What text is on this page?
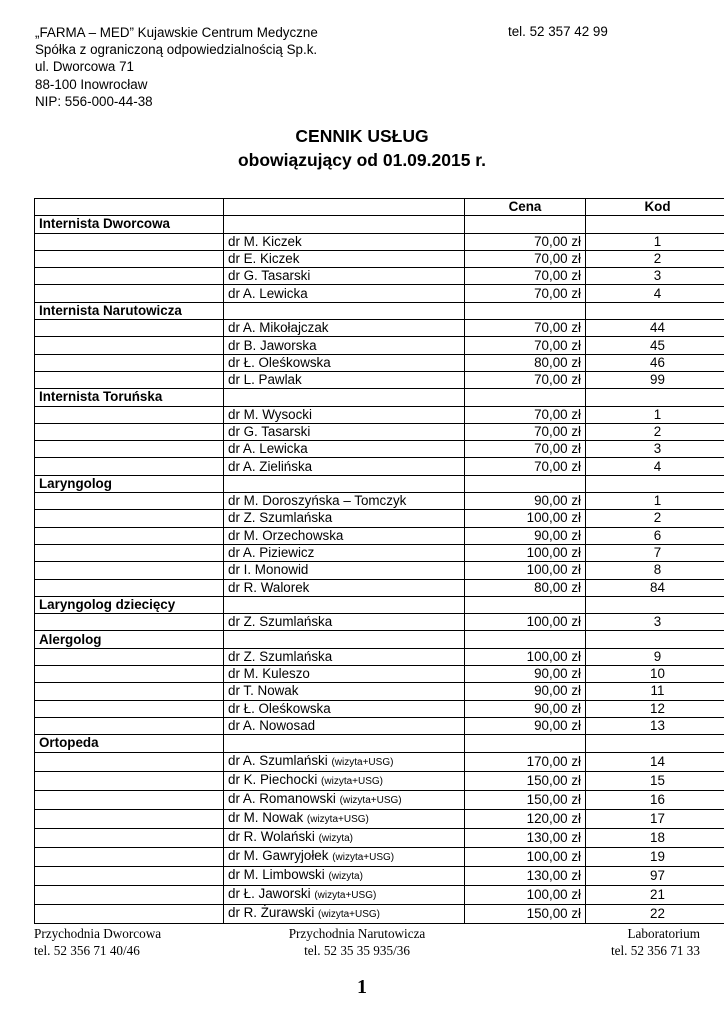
„FARMA – MED” Kujawskie Centrum Medyczne
Spółka z ograniczoną odpowiedzialnością Sp.k.
ul. Dworcowa 71
88-100 Inowrocław
NIP: 556-000-44-38
tel. 52 357 42 99
CENNIK USŁUG
obowiązujący od 01.09.2015 r.
		Cena	Kod
Internista Dworcowa			
	dr M. Kiczek	70,00 zł	1
	dr E. Kiczek	70,00 zł	2
	dr G. Tasarski	70,00 zł	3
	dr A. Lewicka	70,00 zł	4
Internista Narutowicza			
	dr A. Mikołajczak	70,00 zł	44
	dr B. Jaworska	70,00 zł	45
	dr Ł. Oleśkowska	80,00 zł	46
	dr L. Pawlak	70,00 zł	99
Internista Toruńska			
	dr M. Wysocki	70,00 zł	1
	dr G. Tasarski	70,00 zł	2
	dr A. Lewicka	70,00 zł	3
	dr A. Zielińska	70,00 zł	4
Laryngolog			
	dr M. Doroszyńska – Tomczyk	90,00 zł	1
	dr Z. Szumlańska	100,00 zł	2
	dr M. Orzechowska	90,00 zł	6
	dr A. Piziewicz	100,00 zł	7
	dr I. Monowid	100,00 zł	8
	dr R. Walorek	80,00 zł	84
Laryngolog dziecięcy			
	dr Z. Szumlańska	100,00 zł	3
Alergolog			
	dr Z. Szumlańska	100,00 zł	9
	dr M. Kuleszo	90,00 zł	10
	dr T. Nowak	90,00 zł	11
	dr Ł. Oleśkowska	90,00 zł	12
	dr A. Nowosad	90,00 zł	13
Ortopeda			
	dr A. Szumlański (wizyta+USG)	170,00 zł	14
	dr K. Piechocki (wizyta+USG)	150,00 zł	15
	dr A. Romanowski (wizyta+USG)	150,00 zł	16
	dr M. Nowak (wizyta+USG)	120,00 zł	17
	dr R. Wolański (wizyta)	130,00 zł	18
	dr M. Gawryjołek (wizyta+USG)	100,00 zł	19
	dr M. Limbowski (wizyta)	130,00 zł	97
	dr Ł. Jaworski (wizyta+USG)	100,00 zł	21
	dr R. Żurawski (wizyta+USG)	150,00 zł	22
Przychodnia Dworcowa
tel. 52 356 71 40/46
Przychodnia Narutowicza
tel. 52 35 35 935/36
Laboratorium
tel. 52 356 71 33
1
